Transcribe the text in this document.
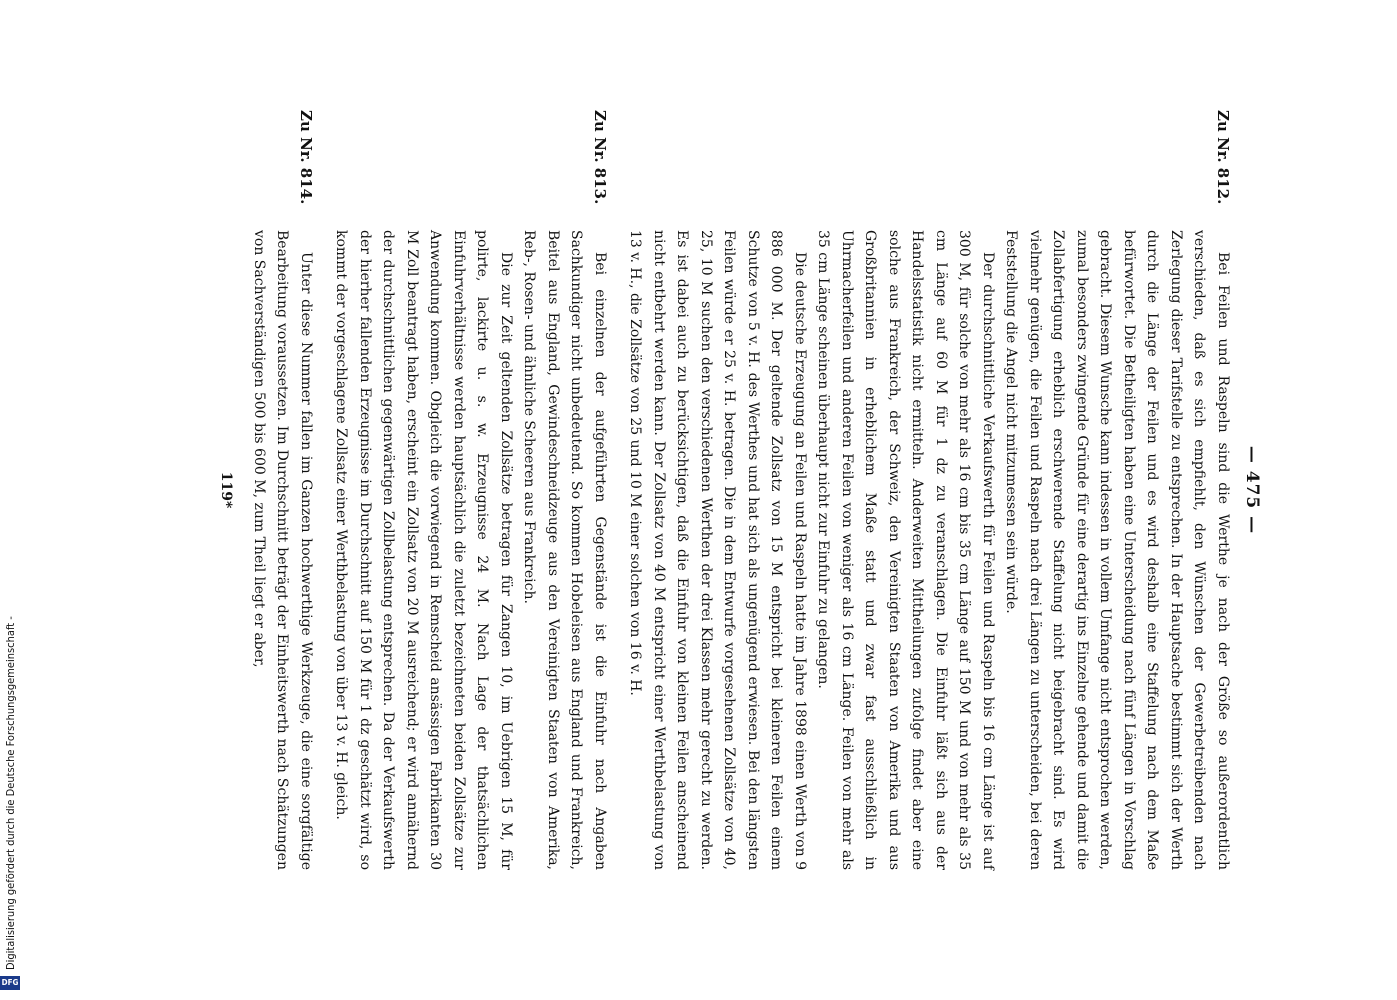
— 475 —
Zu Nr. 812.

Bei Feilen und Raspeln sind die Werthe je nach der Größe so außerordentlich verschieden, daß es sich empfiehlt, den Wünschen der Gewerbetreibenden nach Zerlegung dieser Tarifstelle zu entsprechen. In der Hauptsache bestimmt sich der Werth durch die Länge der Feilen und es wird deshalb eine Staffelung nach dem Maße befürwortet. Die Betheiligten haben eine Unterscheidung nach fünf Längen in Vorschlag gebracht. Diesem Wunsche kann indessen in vollem Umfange nicht entsprochen werden, zumal besonders zwingende Gründe für eine derartig ins Einzelne gehende und damit die Zollabfertigung erheblich erschwerende Staffelung nicht beigebracht sind. Es wird vielmehr genügen, die Feilen und Raspeln nach drei Längen zu unterscheiden, bei deren Feststellung die Angel nicht mitzumessen sein würde.

Der durchschnittliche Verkaufswerth für Feilen und Raspeln bis 16 cm Länge ist auf 300 M, für solche von mehr als 16 cm bis 35 cm Länge auf 150 M und von mehr als 35 cm Länge auf 60 M für 1 dz zu veranschlagen. Die Einfuhr läßt sich aus der Handelsstatistik nicht ermitteln. Anderweiten Mittheilungen zufolge findet aber eine solche aus Frankreich, der Schweiz, den Vereinigten Staaten von Amerika und aus Großbritannien in erheblichem Maße statt und zwar fast ausschließlich in Uhrmacherfeilen und anderen Feilen von weniger als 16 cm Länge. Feilen von mehr als 35 cm Länge scheinen überhaupt nicht zur Einfuhr zu gelangen.

Die deutsche Erzeugung an Feilen und Raspeln hatte im Jahre 1898 einen Werth von 9 886 000 M. Der geltende Zollsatz von 15 M entspricht bei kleineren Feilen einem Schutze von 5 v. H. des Werthes und hat sich als ungenügend erwiesen. Bei den längsten Feilen würde er 25 v. H. betragen. Die in dem Entwurfe vorgesehenen Zollsätze von 40, 25, 10 M suchen den verschiedenen Werthen der drei Klassen mehr gerecht zu werden. Es ist dabei auch zu berücksichtigen, daß die Einfuhr von kleinen Feilen anscheinend nicht entbehrt werden kann. Der Zollsatz von 40 M entspricht einer Werthbelastung von 13 v. H., die Zollsätze von 25 und 10 M einer solchen von 16 v. H.

Zu Nr. 813.

Bei einzelnen der aufgeführten Gegenstände ist die Einfuhr nach Angaben Sachkundiger nicht unbedeutend. So kommen Hobeleisen aus England und Frankreich, Beitel aus England, Gewindeschneidzeuge aus den Vereinigten Staaten von Amerika, Reb-, Rosen- und ähnliche Scheeren aus Frankreich.

Die zur Zeit geltenden Zollsätze betragen für Zangen 10, im Uebrigen 15 M, für polirte, lackirte u. s. w. Erzeugnisse 24 M. Nach Lage der thatsächlichen Einfuhrverhältnisse werden hauptsächlich die zuletzt bezeichneten beiden Zollsätze zur Anwendung kommen. Obgleich die vorwiegend in Remscheid ansässigen Fabrikanten 30 M Zoll beantragt haben, erscheint ein Zollsatz von 20 M ausreichend; er wird annähernd der durchschnittlichen gegenwärtigen Zollbelastung entsprechen. Da der Verkaufswerth der hierher fallenden Erzeugnisse im Durchschnitt auf 150 M für 1 dz geschätzt wird, so kommt der vorgeschlagene Zollsatz einer Werthbelastung von über 13 v. H. gleich.

Zu Nr. 814.

Unter diese Nummer fallen im Ganzen hochwerthige Werkzeuge, die eine sorgfältige Bearbeitung voraussetzen. Im Durchschnitt beträgt der Einheitswerth nach Schätzungen von Sachverständigen 500 bis 600 M, zum Theil liegt er aber,

119*
DFG
Digitalisierung gefördert durch die Deutsche Forschungsgemeinschaft -
